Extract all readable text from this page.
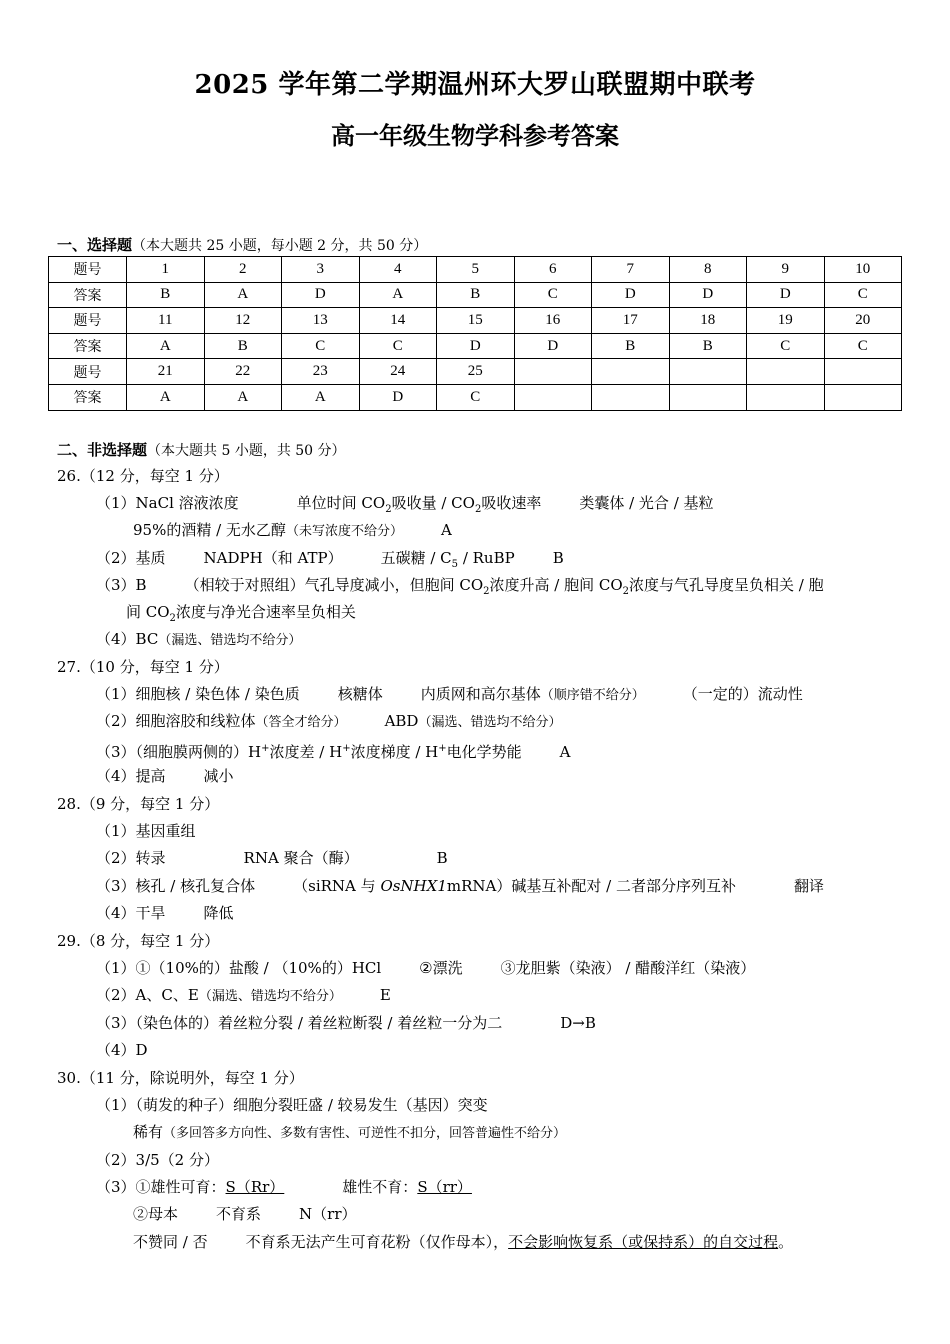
2025 学年第二学期温州环大罗山联盟期中联考
高一年级生物学科参考答案
一、选择题（本大题共 25 小题，每小题 2 分，共 50 分）
题号	1	2	3	4	5	6	7	8	9	10
答案	B	A	D	A	B	C	D	D	D	C
题号	11	12	13	14	15	16	17	18	19	20
答案	A	B	C	C	D	D	B	B	C	C
题号	21	22	23	24	25					
答案	A	A	A	D	C					
二、非选择题（本大题共 5 小题，共 50 分）
26.（12 分，每空 1 分）
（1）NaCl 溶液浓度	单位时间 $CO_2$吸收量 / $CO_2$吸收速率	类囊体 / 光合 / 基粒
95%的酒精 / 无水乙醇（未写浓度不给分）	A
（2）基质	NADPH（和 ATP）	五碳糖 / $C_5$ / RuBP	B
（3）B	（相较于对照组）气孔导度减小，但胞间 $CO_2$浓度升高 / 胞间 $CO_2$浓度与气孔导度呈负相关 / 胞
间 $CO_2$浓度与净光合速率呈负相关
（4）BC（漏选、错选均不给分）
27.（10 分，每空 1 分）
（1）细胞核 / 染色体 / 染色质	核糖体	内质网和高尔基体（顺序错不给分）	（一定的）流动性
（2）细胞溶胶和线粒体（答全才给分）	ABD（漏选、错选均不给分）
（3）（细胞膜两侧的）H+浓度差 / H+浓度梯度 / H+电化学势能	A
（4）提高	减小
28.（9 分，每空 1 分）
（1）基因重组
（2）转录	RNA 聚合（酶）	B
（3）核孔 / 核孔复合体	（siRNA 与 OsNHX1mRNA）碱基互补配对 / 二者部分序列互补	翻译
（4）干旱	降低
29.（8 分，每空 1 分）
（1）①（10%的）盐酸 / （10%的）HCl	②漂洗	③龙胆紫（染液） / 醋酸洋红（染液）
（2）A、C、E（漏选、错选均不给分）	E
（3）（染色体的）着丝粒分裂 / 着丝粒断裂 / 着丝粒一分为二	D→B
（4）D
30.（11 分，除说明外，每空 1 分）
（1）（萌发的种子）细胞分裂旺盛 / 较易发生（基因）突变
稀有（多回答多方向性、多数有害性、可逆性不扣分，回答普遍性不给分）
（2）3/5（2 分）
（3）①雄性可育：S（Rr）	雄性不育：S（rr）
②母本	不育系	N（rr）
不赞同 / 否	不育系无法产生可育花粉（仅作母本），不会影响恢复系（或保持系）的自交过程。
